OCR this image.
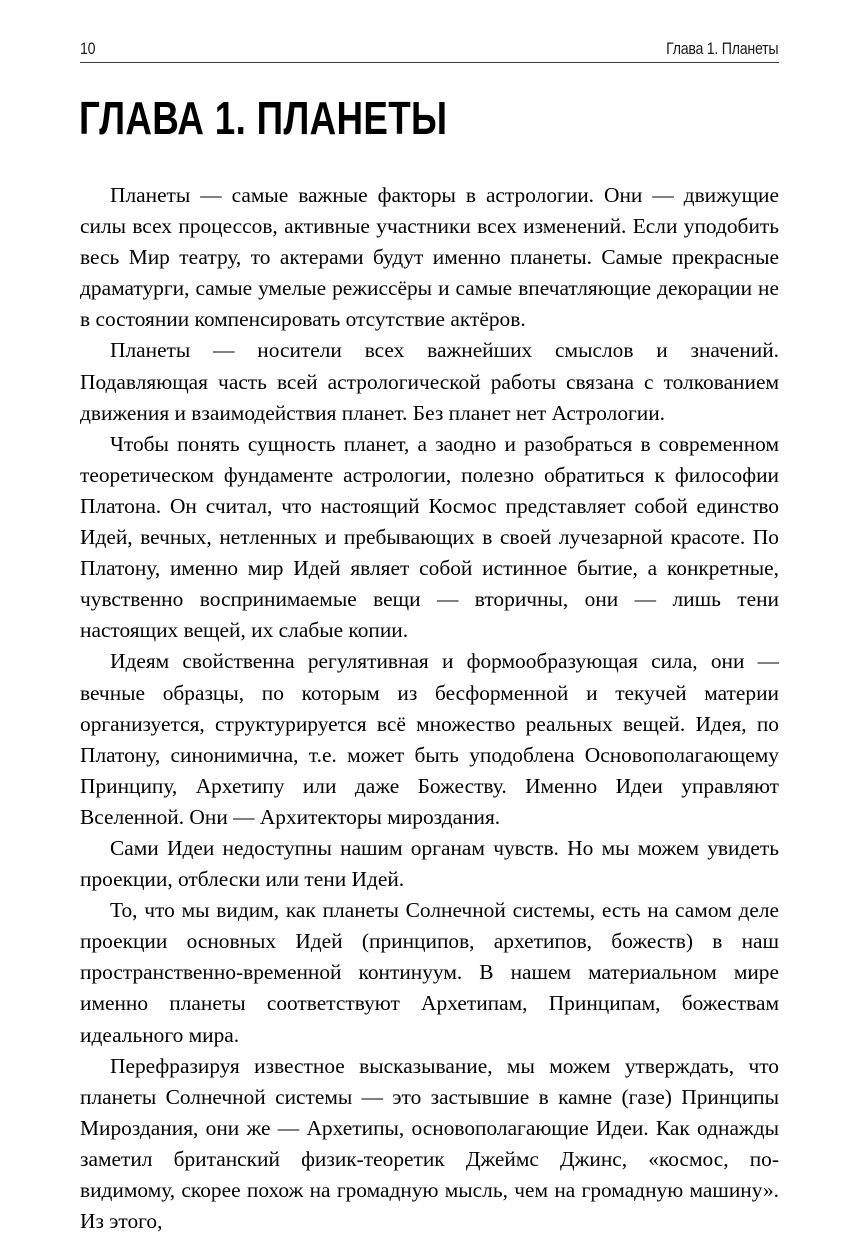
10	Глава 1. Планеты
ГЛАВА 1. ПЛАНЕТЫ

Планеты — самые важные факторы в астрологии. Они — движущие силы всех процессов, активные участники всех изменений. Если уподобить весь Мир театру, то актерами будут именно планеты. Самые прекрасные драматурги, самые умелые режиссёры и самые впечатляющие декорации не в состоянии компенсировать отсутствие актёров.

Планеты — носители всех важнейших смыслов и значений. Подавляющая часть всей астрологической работы связана с толкованием движения и взаимодействия планет. Без планет нет Астрологии.

Чтобы понять сущность планет, а заодно и разобраться в современном теоретическом фундаменте астрологии, полезно обратиться к философии Платона. Он считал, что настоящий Космос представляет собой единство Идей, вечных, нетленных и пребывающих в своей лучезарной красоте. По Платону, именно мир Идей являет собой истинное бытие, а конкретные, чувственно воспринимаемые вещи — вторичны, они — лишь тени настоящих вещей, их слабые копии.

Идеям свойственна регулятивная и формообразующая сила, они — вечные образцы, по которым из бесформенной и текучей материи организуется, структурируется всё множество реальных вещей. Идея, по Платону, синонимична, т.е. может быть уподоблена Основополагающему Принципу, Архетипу или даже Божеству. Именно Идеи управляют Вселенной. Они — Архитекторы мироздания.

Сами Идеи недоступны нашим органам чувств. Но мы можем увидеть проекции, отблески или тени Идей.

То, что мы видим, как планеты Солнечной системы, есть на самом деле проекции основных Идей (принципов, архетипов, божеств) в наш пространственно-временной континуум. В нашем материальном мире именно планеты соответствуют Архетипам, Принципам, божествам идеального мира.

Перефразируя известное высказывание, мы можем утверждать, что планеты Солнечной системы — это застывшие в камне (газе) Принципы Мироздания, они же — Архетипы, основополагающие Идеи. Как однажды заметил британский физик-теоретик Джеймс Джинс, «космос, по-видимому, скорее похож на громадную мысль, чем на громадную машину». Из этого,
